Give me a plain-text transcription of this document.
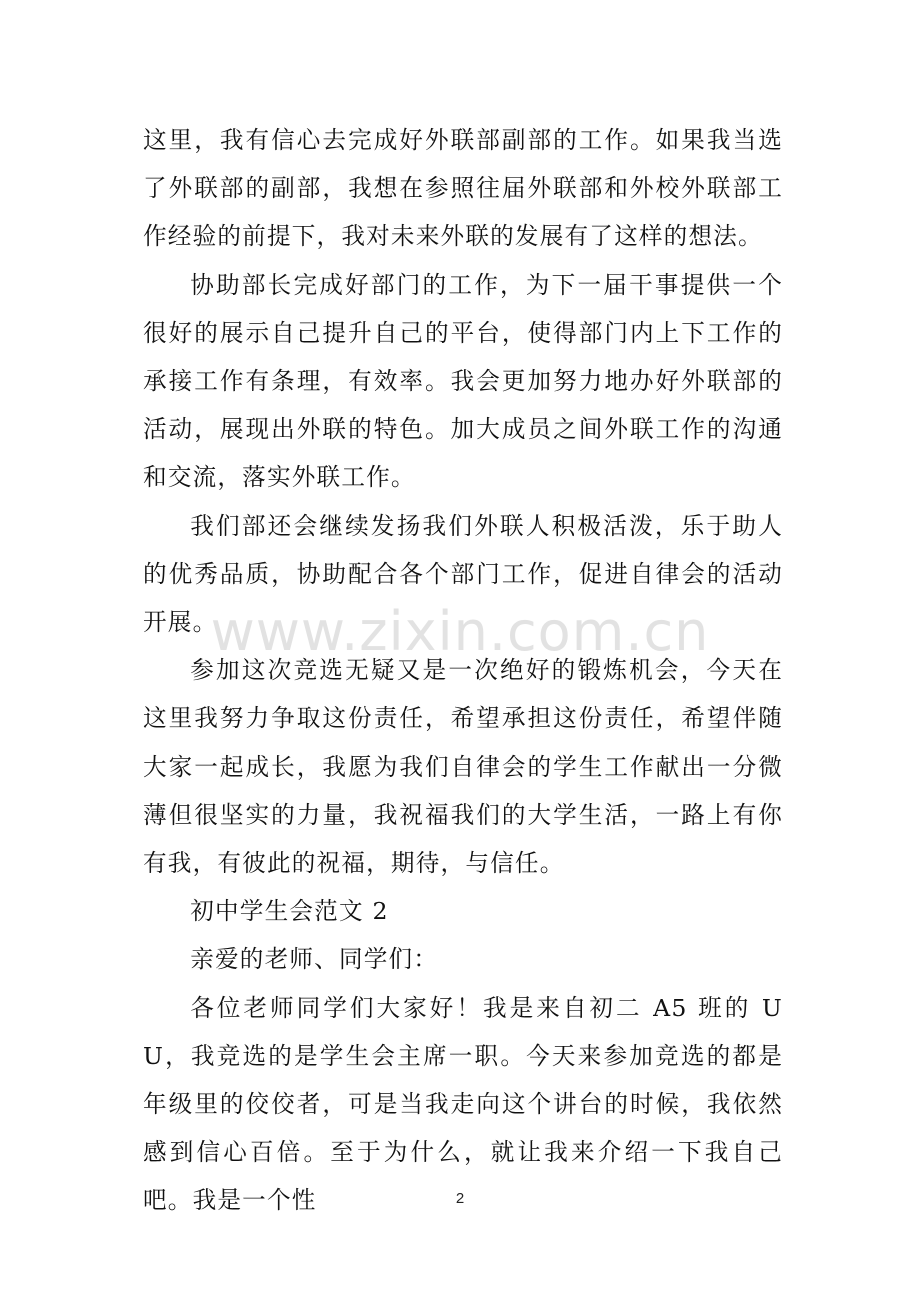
这里，我有信心去完成好外联部副部的工作。如果我当选了外联部的副部，我想在参照往届外联部和外校外联部工作经验的前提下，我对未来外联的发展有了这样的想法。

协助部长完成好部门的工作，为下一届干事提供一个很好的展示自己提升自己的平台，使得部门内上下工作的承接工作有条理，有效率。我会更加努力地办好外联部的活动，展现出外联的特色。加大成员之间外联工作的沟通和交流，落实外联工作。

我们部还会继续发扬我们外联人积极活泼，乐于助人的优秀品质，协助配合各个部门工作，促进自律会的活动开展。

参加这次竞选无疑又是一次绝好的锻炼机会，今天在这里我努力争取这份责任，希望承担这份责任，希望伴随大家一起成长，我愿为我们自律会的学生工作献出一分微薄但很坚实的力量，我祝福我们的大学生活，一路上有你有我，有彼此的祝福，期待，与信任。

初中学生会范文 2

亲爱的老师、同学们：

各位老师同学们大家好！我是来自初二 A5 班的 UU，我竞选的是学生会主席一职。今天来参加竞选的都是年级里的佼佼者，可是当我走向这个讲台的时候，我依然感到信心百倍。至于为什么，就让我来介绍一下我自己吧。我是一个性

www.zixin.com.cn
2
